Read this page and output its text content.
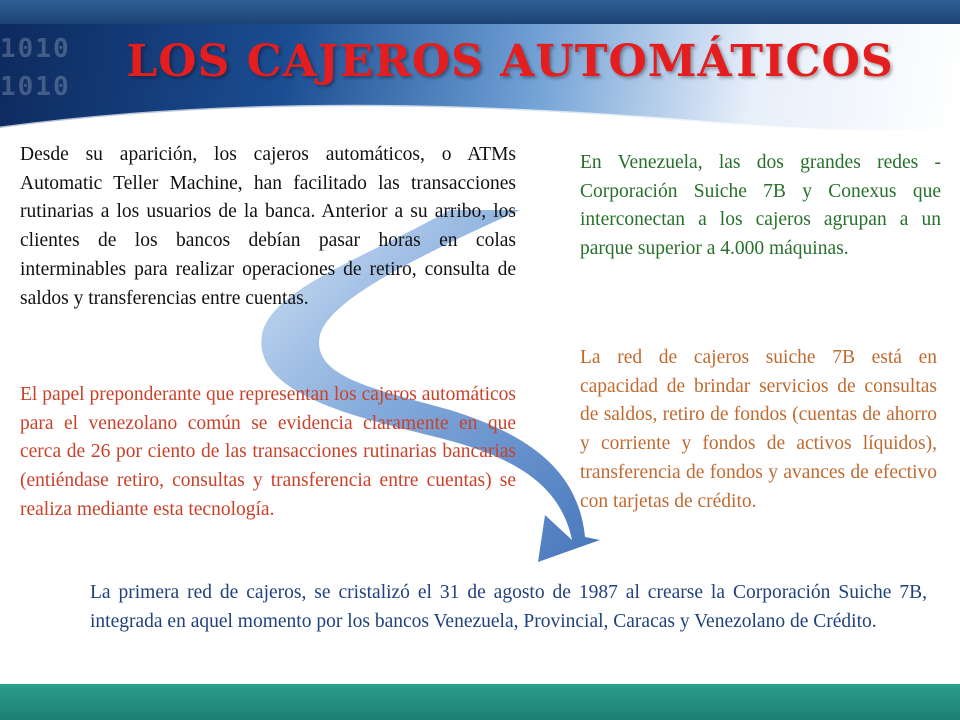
1010
1010	LOS CAJEROS AUTOMÁTICOS

Desde su aparición, los cajeros automáticos, o ATMs Automatic Teller Machine, han facilitado las transacciones rutinarias a los usuarios de la banca. Anterior a su arribo, los clientes de los bancos debían pasar horas en colas interminables para realizar operaciones de retiro, consulta de saldos y transferencias entre cuentas.

El papel preponderante que representan los cajeros automáticos para el venezolano común se evidencia claramente en que cerca de 26 por ciento de las transacciones rutinarias bancarias (entiéndase retiro, consultas y transferencia entre cuentas) se realiza mediante esta tecnología.

En Venezuela, las dos grandes redes - Corporación Suiche 7B y Conexus que interconectan a los cajeros agrupan a un parque superior a 4.000 máquinas.

La red de cajeros suiche 7B está en capacidad de brindar servicios de consultas de saldos, retiro de fondos (cuentas de ahorro y corriente y fondos de activos líquidos), transferencia de fondos y avances de efectivo con tarjetas de crédito.

La primera red de cajeros, se cristalizó el 31 de agosto de 1987 al crearse la Corporación Suiche 7B, integrada en aquel momento por los bancos Venezuela, Provincial, Caracas y Venezolano de Crédito.
